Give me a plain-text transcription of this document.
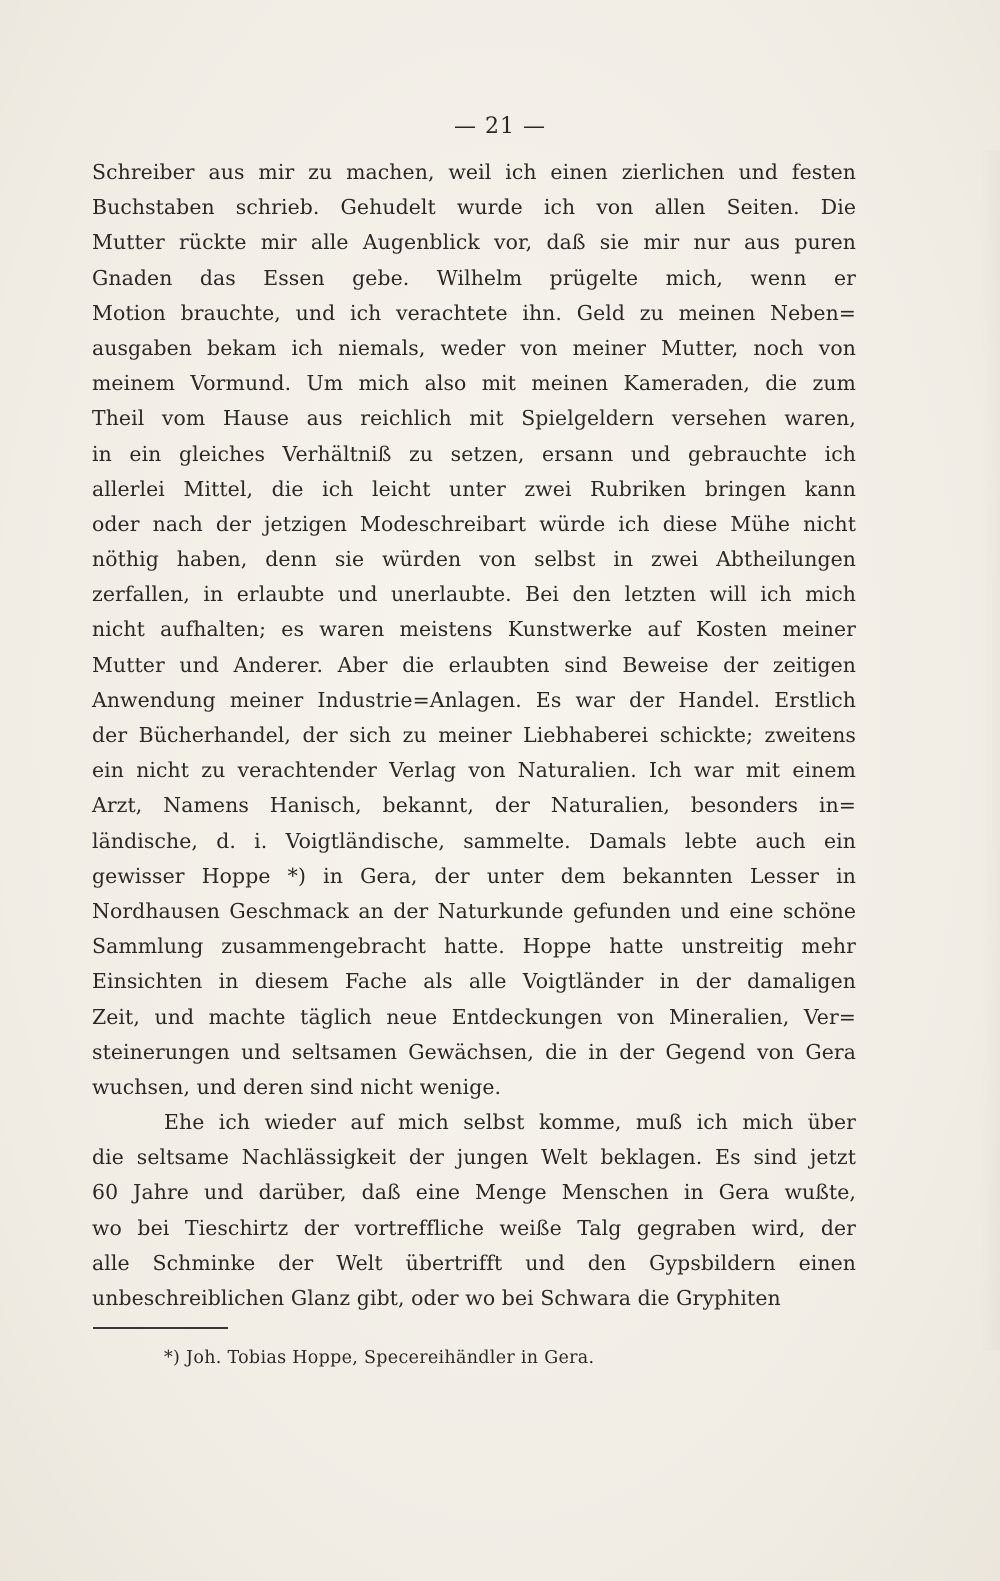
— 21 —

Schreiber aus mir zu machen, weil ich einen zierlichen und festen
Buchstaben schrieb. Gehudelt wurde ich von allen Seiten. Die
Mutter rückte mir alle Augenblick vor, daß sie mir nur aus puren
Gnaden das Essen gebe. Wilhelm prügelte mich, wenn er
Motion brauchte, und ich verachtete ihn. Geld zu meinen Neben=
ausgaben bekam ich niemals, weder von meiner Mutter, noch von
meinem Vormund. Um mich also mit meinen Kameraden, die zum
Theil vom Hause aus reichlich mit Spielgeldern versehen waren,
in ein gleiches Verhältniß zu setzen, ersann und gebrauchte ich
allerlei Mittel, die ich leicht unter zwei Rubriken bringen kann
oder nach der jetzigen Modeschreibart würde ich diese Mühe nicht
nöthig haben, denn sie würden von selbst in zwei Abtheilungen
zerfallen, in erlaubte und unerlaubte. Bei den letzten will ich mich
nicht aufhalten; es waren meistens Kunstwerke auf Kosten meiner
Mutter und Anderer. Aber die erlaubten sind Beweise der zeitigen
Anwendung meiner Industrie=Anlagen. Es war der Handel. Erstlich
der Bücherhandel, der sich zu meiner Liebhaberei schickte; zweitens
ein nicht zu verachtender Verlag von Naturalien. Ich war mit einem
Arzt, Namens Hanisch, bekannt, der Naturalien, besonders in=
ländische, d. i. Voigtländische, sammelte. Damals lebte auch ein
gewisser Hoppe *) in Gera, der unter dem bekannten Lesser in
Nordhausen Geschmack an der Naturkunde gefunden und eine schöne
Sammlung zusammengebracht hatte. Hoppe hatte unstreitig mehr
Einsichten in diesem Fache als alle Voigtländer in der damaligen
Zeit, und machte täglich neue Entdeckungen von Mineralien, Ver=
steinerungen und seltsamen Gewächsen, die in der Gegend von Gera
wuchsen, und deren sind nicht wenige.

Ehe ich wieder auf mich selbst komme, muß ich mich über
die seltsame Nachlässigkeit der jungen Welt beklagen. Es sind jetzt
60 Jahre und darüber, daß eine Menge Menschen in Gera wußte,
wo bei Tieschirtz der vortreffliche weiße Talg gegraben wird, der
alle Schminke der Welt übertrifft und den Gypsbildern einen
unbeschreiblichen Glanz gibt, oder wo bei Schwara die Gryphiten

*) Joh. Tobias Hoppe, Specereihändler in Gera.
